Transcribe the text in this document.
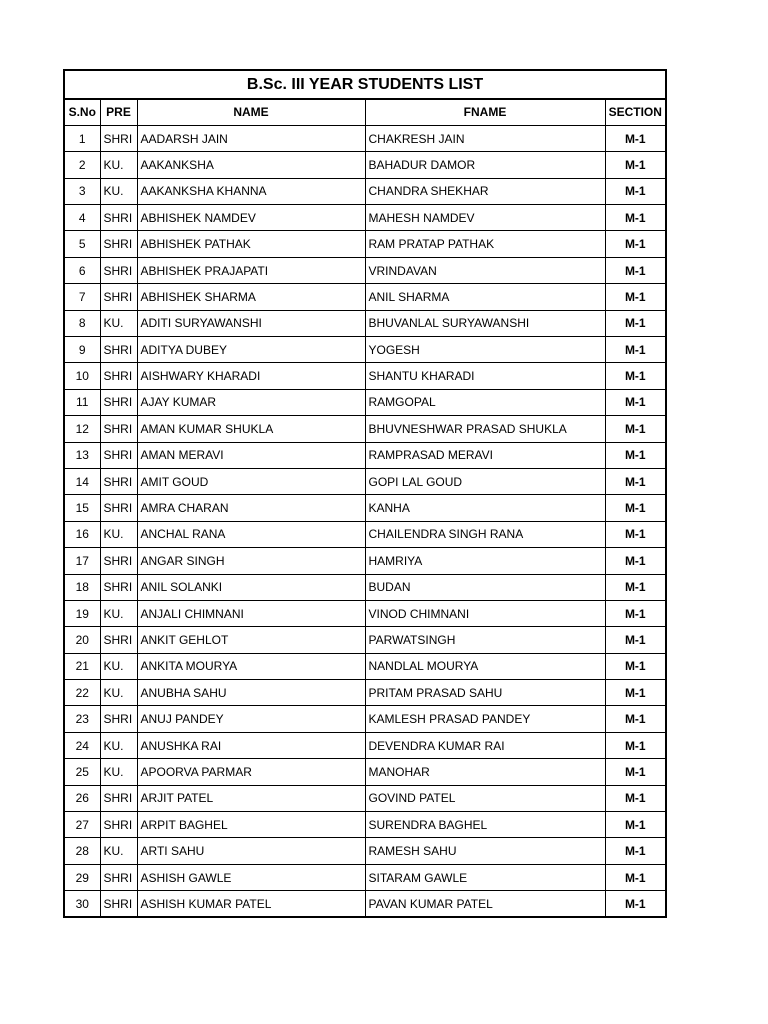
B.Sc. III YEAR STUDENTS LIST				
S.No	PRE	NAME	FNAME	SECTION
1	SHRI	AADARSH JAIN	CHAKRESH JAIN	M-1
2	KU.	AAKANKSHA	BAHADUR DAMOR	M-1
3	KU.	AAKANKSHA KHANNA	CHANDRA SHEKHAR	M-1
4	SHRI	ABHISHEK NAMDEV	MAHESH NAMDEV	M-1
5	SHRI	ABHISHEK PATHAK	RAM PRATAP PATHAK	M-1
6	SHRI	ABHISHEK PRAJAPATI	VRINDAVAN	M-1
7	SHRI	ABHISHEK SHARMA	ANIL SHARMA	M-1
8	KU.	ADITI SURYAWANSHI	BHUVANLAL SURYAWANSHI	M-1
9	SHRI	ADITYA DUBEY	YOGESH	M-1
10	SHRI	AISHWARY KHARADI	SHANTU KHARADI	M-1
11	SHRI	AJAY KUMAR	RAMGOPAL	M-1
12	SHRI	AMAN KUMAR SHUKLA	BHUVNESHWAR PRASAD SHUKLA	M-1
13	SHRI	AMAN MERAVI	RAMPRASAD MERAVI	M-1
14	SHRI	AMIT GOUD	GOPI LAL GOUD	M-1
15	SHRI	AMRA CHARAN	KANHA	M-1
16	KU.	ANCHAL RANA	CHAILENDRA SINGH RANA	M-1
17	SHRI	ANGAR SINGH	HAMRIYA	M-1
18	SHRI	ANIL SOLANKI	BUDAN	M-1
19	KU.	ANJALI CHIMNANI	VINOD CHIMNANI	M-1
20	SHRI	ANKIT GEHLOT	PARWATSINGH	M-1
21	KU.	ANKITA MOURYA	NANDLAL MOURYA	M-1
22	KU.	ANUBHA SAHU	PRITAM PRASAD SAHU	M-1
23	SHRI	ANUJ PANDEY	KAMLESH PRASAD PANDEY	M-1
24	KU.	ANUSHKA RAI	DEVENDRA KUMAR RAI	M-1
25	KU.	APOORVA PARMAR	MANOHAR	M-1
26	SHRI	ARJIT PATEL	GOVIND PATEL	M-1
27	SHRI	ARPIT BAGHEL	SURENDRA BAGHEL	M-1
28	KU.	ARTI SAHU	RAMESH SAHU	M-1
29	SHRI	ASHISH GAWLE	SITARAM GAWLE	M-1
30	SHRI	ASHISH KUMAR PATEL	PAVAN KUMAR PATEL	M-1
